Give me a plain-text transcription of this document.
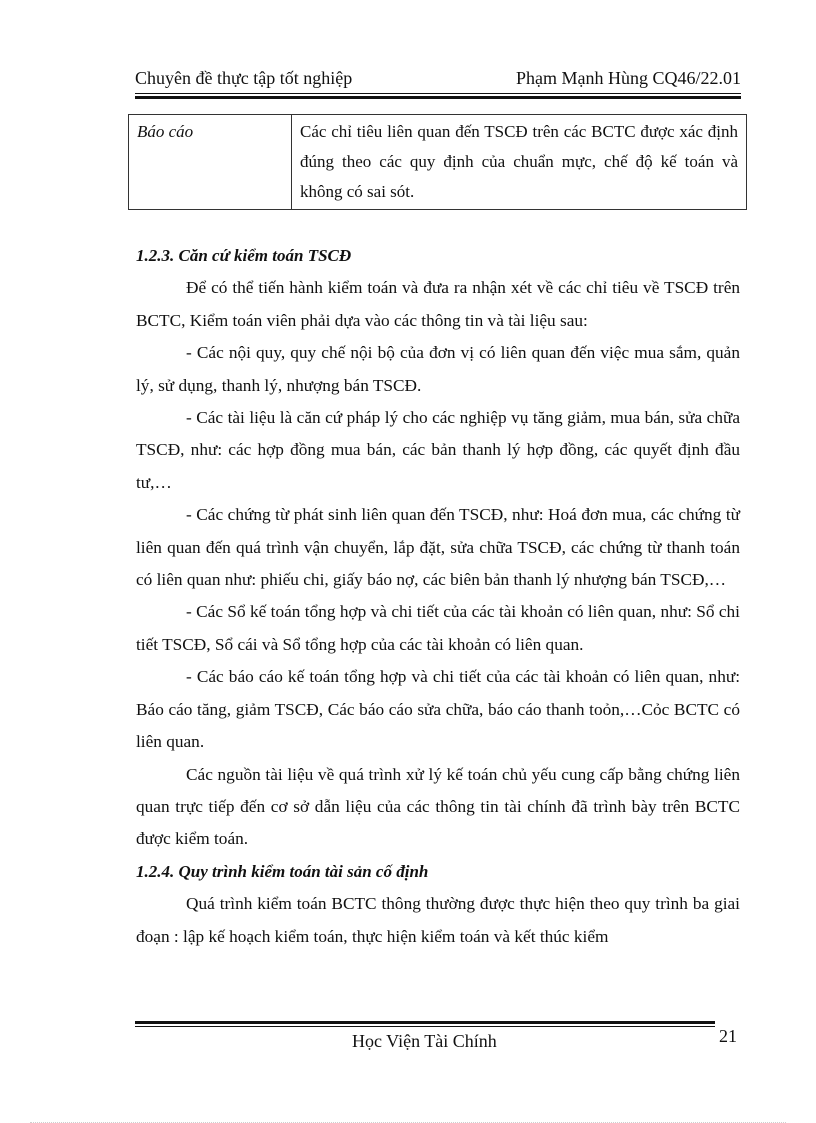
Chuyên đề thực tập tốt nghiệp	Phạm Mạnh Hùng CQ46/22.01
Báo cáo	Các chỉ tiêu liên quan đến TSCĐ trên các BCTC được xác định đúng theo các quy định của chuẩn mực, chế độ kế toán và không có sai sót.
1.2.3. Căn cứ kiểm toán TSCĐ

Để có thể tiến hành kiểm toán và đưa ra nhận xét về các chỉ tiêu về TSCĐ trên BCTC, Kiểm toán viên phải dựa vào các thông tin và tài liệu sau:

- Các nội quy, quy chế nội bộ của đơn vị có liên quan đến việc mua sắm, quản lý, sử dụng, thanh lý, nhượng bán TSCĐ.

- Các tài liệu là căn cứ pháp lý cho các nghiệp vụ tăng giảm, mua bán, sửa chữa TSCĐ, như: các hợp đồng mua bán, các bản thanh lý hợp đồng, các quyết định đầu tư,…

- Các chứng từ phát sinh liên quan đến TSCĐ, như: Hoá đơn mua, các chứng từ liên quan đến quá trình vận chuyển, lắp đặt, sửa chữa TSCĐ, các chứng từ thanh toán có liên quan như: phiếu chi, giấy báo nợ, các biên bản thanh lý nhượng bán TSCĐ,…

- Các Sổ kế toán tổng hợp và chi tiết của các tài khoản có liên quan, như: Sổ chi tiết TSCĐ, Sổ cái và Sổ tổng hợp của các tài khoản có liên quan.

- Các báo cáo kế toán tổng hợp và chi tiết của các tài khoản có liên quan, như: Báo cáo tăng, giảm TSCĐ, Các báo cáo sửa chữa, báo cáo thanh toỏn,…Cỏc BCTC có liên quan.

Các nguồn tài liệu về quá trình xử lý kế toán chủ yếu cung cấp bằng chứng liên quan trực tiếp đến cơ sở dẫn liệu của các thông tin tài chính đã trình bày trên BCTC được kiểm toán.

1.2.4. Quy trình kiểm toán tài sản cố định

Quá trình kiểm toán BCTC thông thường được thực hiện theo quy trình ba giai đoạn : lập kế hoạch kiểm toán, thực hiện kiểm toán và kết thúc kiểm

Học Viện Tài Chính	21
